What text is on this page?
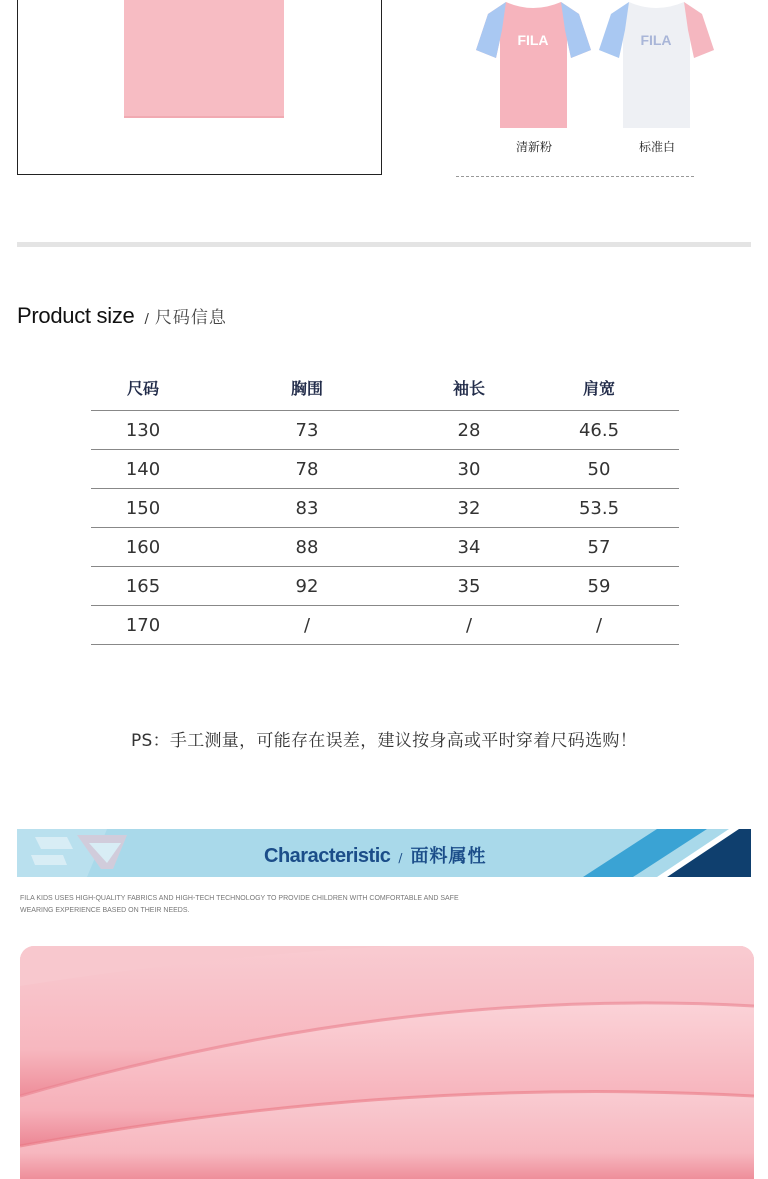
FILA	FILA
清新粉	标准白
Product size / 尺码信息
尺码	胸围	袖长	肩宽
130	73	28	46.5
140	78	30	50
150	83	32	53.5
160	88	34	57
165	92	35	59
170	/	/	/
PS：手工测量，可能存在误差，建议按身高或平时穿着尺码选购！
Characteristic / 面料属性
FILA KIDS USES HIGH-QUALITY FABRICS AND HIGH-TECH TECHNOLOGY TO PROVIDE CHILDREN WITH COMFORTABLE AND SAFE WEARING EXPERIENCE BASED ON THEIR NEEDS.
